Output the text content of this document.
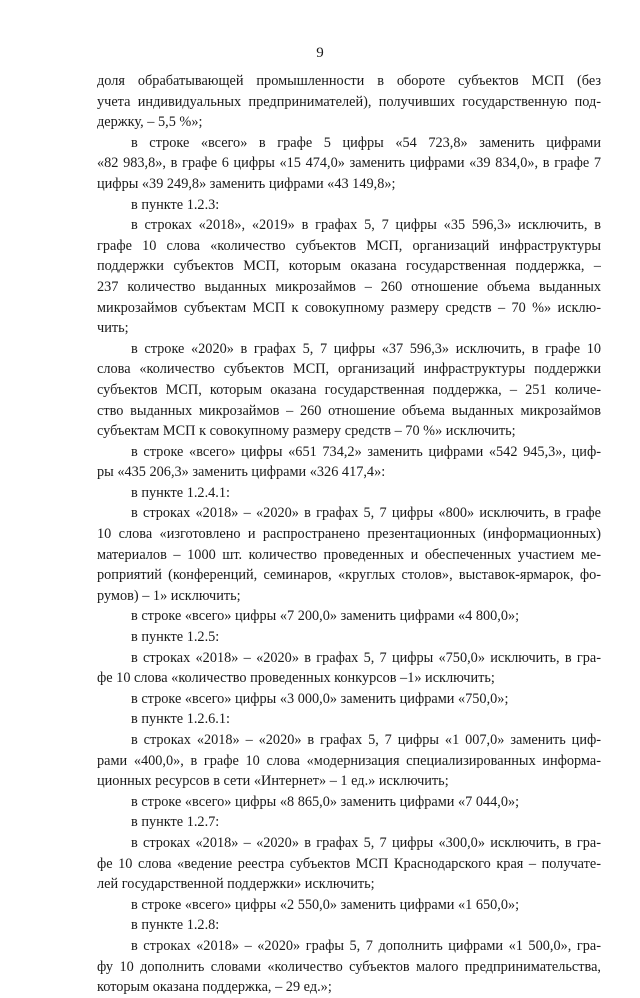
9
доля обрабатывающей промышленности в обороте субъектов МСП (без
учета индивидуальных предпринимателей), получивших государственную под-
держку, – 5,5 %»;
в строке «всего» в графе 5 цифры «54 723,8» заменить цифрами
«82 983,8», в графе 6 цифры «15 474,0» заменить цифрами «39 834,0», в графе 7
цифры «39 249,8» заменить цифрами «43 149,8»;
в пункте 1.2.3:
в строках «2018», «2019» в графах 5, 7 цифры «35 596,3» исключить, в
графе 10 слова «количество субъектов МСП, организаций инфраструктуры
поддержки субъектов МСП, которым оказана государственная поддержка, –
237 количество выданных микрозаймов – 260 отношение объема выданных
микрозаймов субъектам МСП к совокупному размеру средств – 70 %» исклю-
чить;
в строке «2020» в графах 5, 7 цифры «37 596,3» исключить, в графе 10
слова «количество субъектов МСП, организаций инфраструктуры поддержки
субъектов МСП, которым оказана государственная поддержка, – 251 количе-
ство выданных микрозаймов – 260 отношение объема выданных микрозаймов
субъектам МСП к совокупному размеру средств – 70 %» исключить;
в строке «всего» цифры «651 734,2» заменить цифрами «542 945,3», циф-
ры «435 206,3» заменить цифрами «326 417,4»:
в пункте 1.2.4.1:
в строках «2018» – «2020» в графах 5, 7 цифры «800» исключить, в графе
10 слова «изготовлено и распространено презентационных (информационных)
материалов – 1000 шт. количество проведенных и обеспеченных участием ме-
роприятий (конференций, семинаров, «круглых столов», выставок-ярмарок, фо-
румов) – 1» исключить;
в строке «всего» цифры «7 200,0» заменить цифрами «4 800,0»;
в пункте 1.2.5:
в строках «2018» – «2020» в графах 5, 7 цифры «750,0» исключить, в гра-
фе 10 слова «количество проведенных конкурсов –1» исключить;
в строке «всего» цифры «3 000,0» заменить цифрами «750,0»;
в пункте 1.2.6.1:
в строках «2018» – «2020» в графах 5, 7 цифры «1 007,0» заменить циф-
рами «400,0», в графе 10 слова «модернизация специализированных информа-
ционных ресурсов в сети «Интернет» – 1 ед.» исключить;
в строке «всего» цифры «8 865,0» заменить цифрами «7 044,0»;
в пункте 1.2.7:
в строках «2018» – «2020» в графах 5, 7 цифры «300,0» исключить, в гра-
фе 10 слова «ведение реестра субъектов МСП Краснодарского края – получате-
лей государственной поддержки» исключить;
в строке «всего» цифры «2 550,0» заменить цифрами «1 650,0»;
в пункте 1.2.8:
в строках «2018» – «2020» графы 5, 7 дополнить цифрами «1 500,0», гра-
фу 10 дополнить словами «количество субъектов малого предпринимательства,
которым оказана поддержка, – 29 ед.»;
